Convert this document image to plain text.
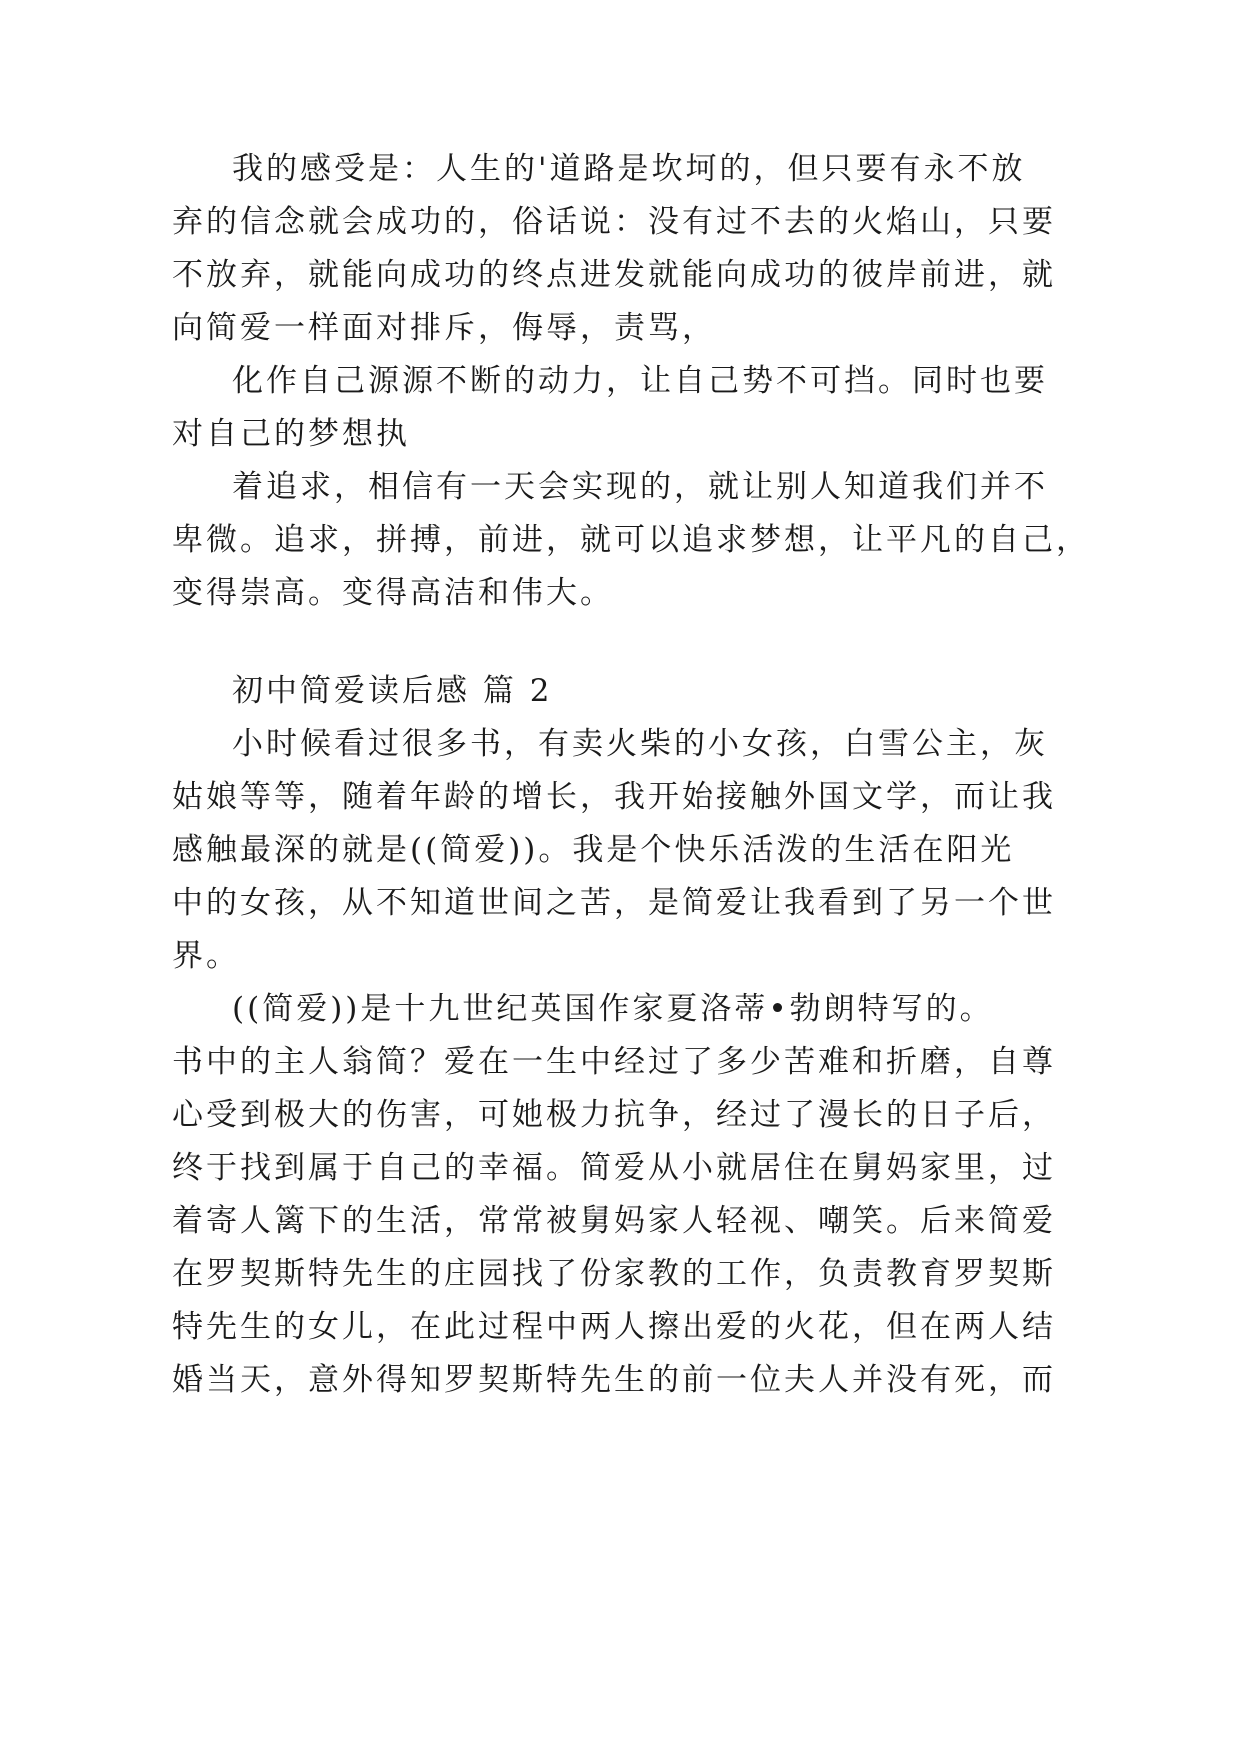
我的感受是：人生的'道路是坎坷的，但只要有永不放
弃的信念就会成功的，俗话说：没有过不去的火焰山，只要
不放弃，就能向成功的终点进发就能向成功的彼岸前进，就
向简爱一样面对排斥，侮辱，责骂，
化作自己源源不断的动力，让自己势不可挡。同时也要
对自己的梦想执
着追求，相信有一天会实现的，就让别人知道我们并不
卑微。追求，拼搏，前进，就可以追求梦想，让平凡的自己，
变得崇高。变得高洁和伟大。
初中简爱读后感 篇 2
小时候看过很多书，有卖火柴的小女孩，白雪公主，灰
姑娘等等，随着年龄的增长，我开始接触外国文学，而让我
感触最深的就是((简爱))。我是个快乐活泼的生活在阳光
中的女孩，从不知道世间之苦，是简爱让我看到了另一个世
界。
((简爱))是十九世纪英国作家夏洛蒂•勃朗特写的。
书中的主人翁简？爱在一生中经过了多少苦难和折磨，自尊
心受到极大的伤害，可她极力抗争，经过了漫长的日子后，
终于找到属于自己的幸福。简爱从小就居住在舅妈家里，过
着寄人篱下的生活，常常被舅妈家人轻视、嘲笑。后来简爱
在罗契斯特先生的庄园找了份家教的工作，负责教育罗契斯
特先生的女儿，在此过程中两人擦出爱的火花，但在两人结
婚当天，意外得知罗契斯特先生的前一位夫人并没有死，而
